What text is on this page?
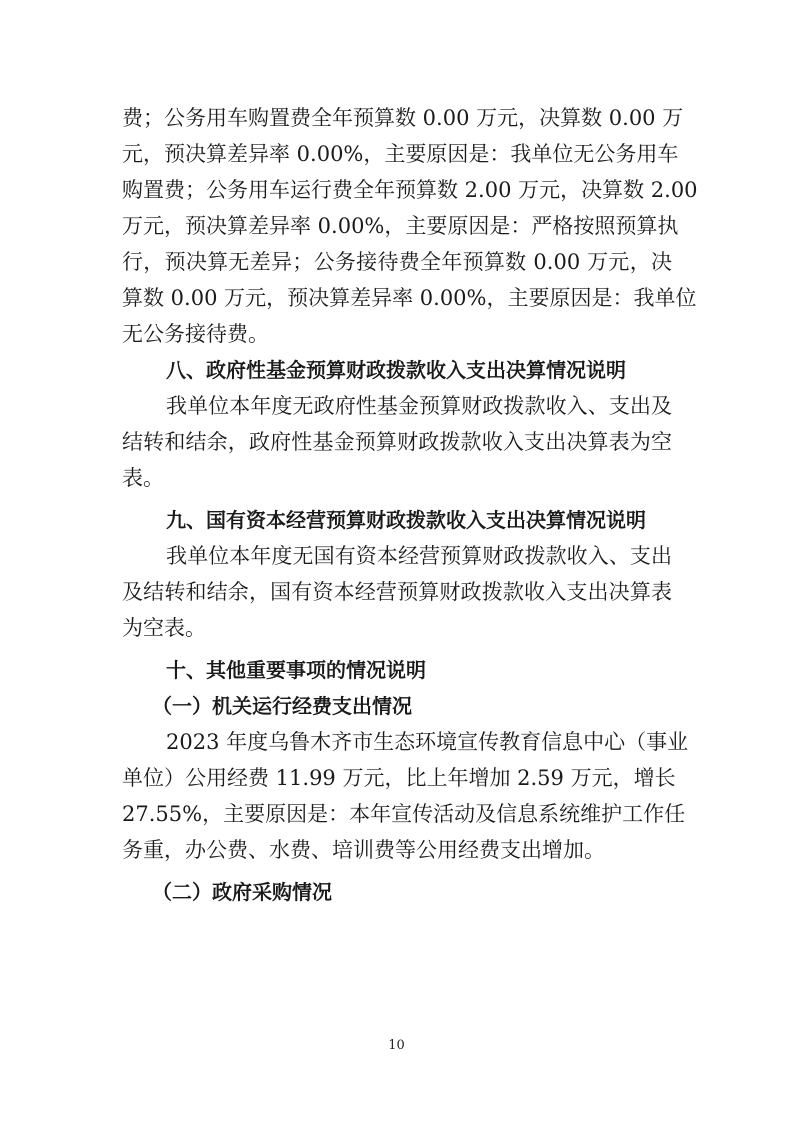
费；公务用车购置费全年预算数 0.00 万元，决算数 0.00 万
元，预决算差异率 0.00%，主要原因是：我单位无公务用车
购置费；公务用车运行费全年预算数 2.00 万元，决算数 2.00
万元，预决算差异率 0.00%，主要原因是：严格按照预算执
行，预决算无差异；公务接待费全年预算数 0.00 万元，决
算数 0.00 万元，预决算差异率 0.00%，主要原因是：我单位
无公务接待费。
八、政府性基金预算财政拨款收入支出决算情况说明
我单位本年度无政府性基金预算财政拨款收入、支出及
结转和结余，政府性基金预算财政拨款收入支出决算表为空
表。
九、国有资本经营预算财政拨款收入支出决算情况说明
我单位本年度无国有资本经营预算财政拨款收入、支出
及结转和结余，国有资本经营预算财政拨款收入支出决算表
为空表。
十、其他重要事项的情况说明
（一）机关运行经费支出情况
2023 年度乌鲁木齐市生态环境宣传教育信息中心（事业
单位）公用经费 11.99 万元，比上年增加 2.59 万元，增长
27.55%，主要原因是：本年宣传活动及信息系统维护工作任
务重，办公费、水费、培训费等公用经费支出增加。
（二）政府采购情况
10
